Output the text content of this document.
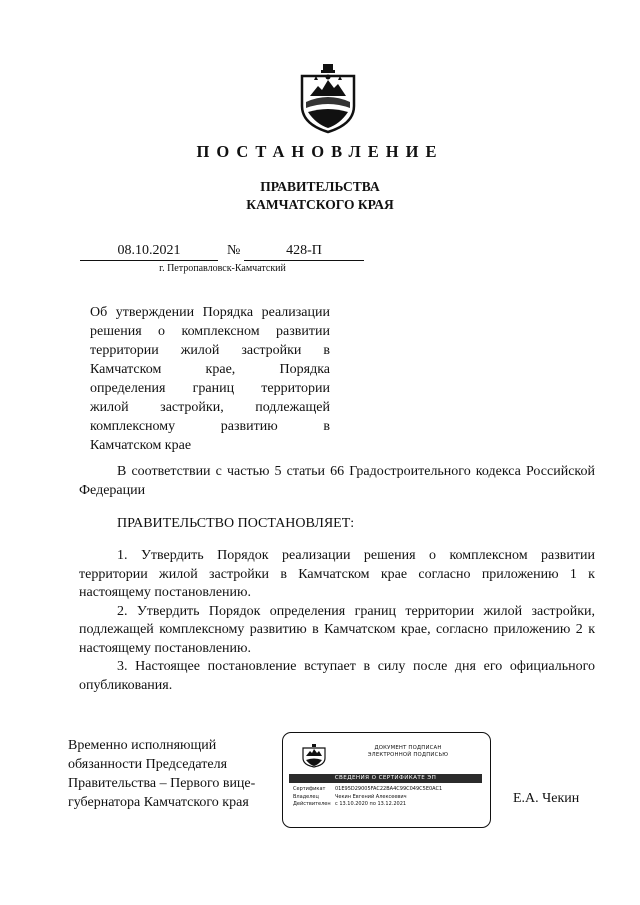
ПОСТАНОВЛЕНИЕ
ПРАВИТЕЛЬСТВА
КАМЧАТСКОГО КРАЯ
08.10.2021	№	428-П
г. Петропавловск-Камчатский
Об утверждении Порядка реализации
решения о комплексном развитии
территории жилой застройки в
Камчатском крае, Порядка
определения границ территории
жилой застройки, подлежащей
комплексному развитию в
Камчатском крае
В соответствии с частью 5 статьи 66 Градостроительного кодекса Российской Федерации
ПРАВИТЕЛЬСТВО ПОСТАНОВЛЯЕТ:
1. Утвердить Порядок реализации решения о комплексном развитии территории жилой застройки в Камчатском крае согласно приложению 1 к настоящему постановлению.
2. Утвердить Порядок определения границ территории жилой застройки, подлежащей комплексному развитию в Камчатском крае, согласно приложению 2 к настоящему постановлению.
3. Настоящее постановление вступает в силу после дня его официального опубликования.
Временно исполняющий
обязанности Председателя
Правительства – Первого вице-
губернатора Камчатского края
ДОКУМЕНТ ПОДПИСАН
ЭЛЕКТРОННОЙ ПОДПИСЬЮ
СВЕДЕНИЯ О СЕРТИФИКАТЕ ЭП
Сертификат	01E95D29005FAC22BA4C99C049C5E0AC1
Владелец	Чекин Евгений Алексеевич
Действителен с 13.10.2020 по 13.12.2021	Е.А. Чекин
